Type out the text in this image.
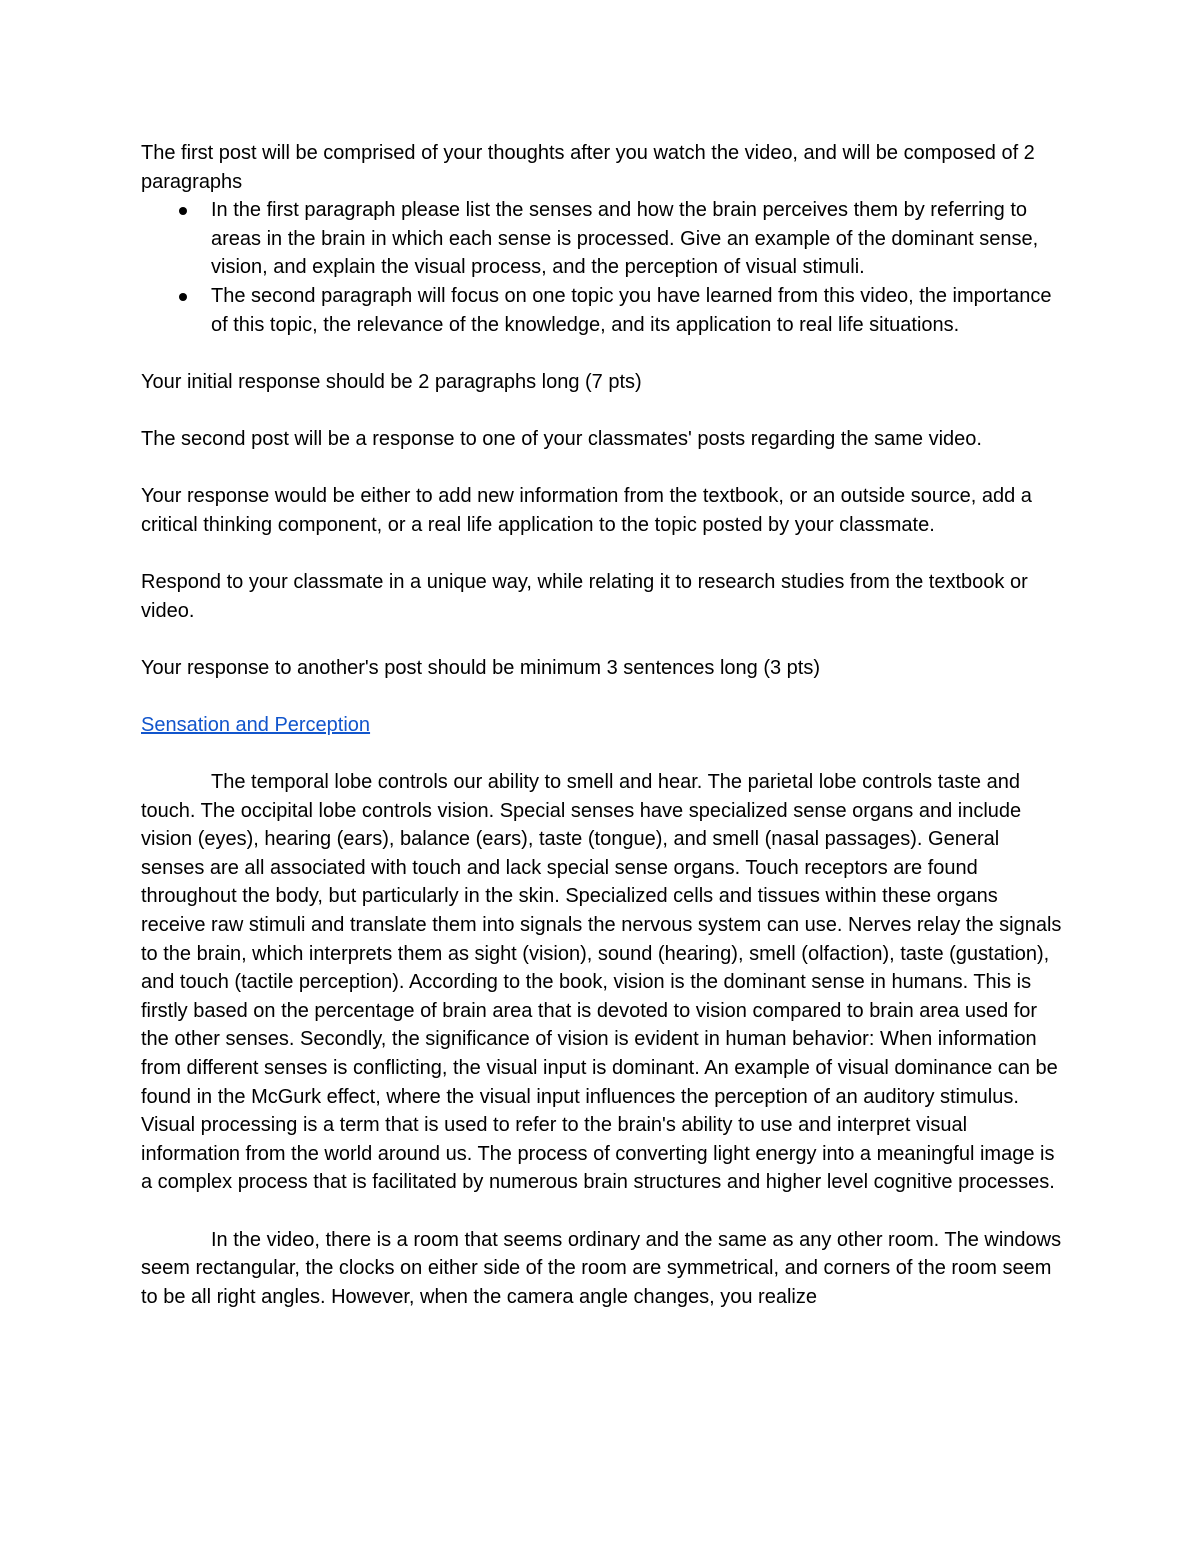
The first post will be comprised of your thoughts after you watch the video, and will be composed of 2 paragraphs

In the first paragraph please list the senses and how the brain perceives them by referring to areas in the brain in which each sense is processed. Give an example of the dominant sense, vision, and explain the visual process, and the perception of visual stimuli.
The second paragraph will focus on one topic you have learned from this video, the importance of this topic, the relevance of the knowledge, and its application to real life situations.

Your initial response should be 2 paragraphs long (7 pts)

The second post will be a response to one of your classmates' posts regarding the same video.

Your response would be either to add new information from the textbook, or an outside source, add a critical thinking component, or a real life application to the topic posted by your classmate.

Respond to your classmate in a unique way, while relating it to research studies from the textbook or video.

Your response to another's post should be minimum 3 sentences long (3 pts)

Sensation and Perception

The temporal lobe controls our ability to smell and hear. The parietal lobe controls taste and touch. The occipital lobe controls vision. Special senses have specialized sense organs and include vision (eyes), hearing (ears), balance (ears), taste (tongue), and smell (nasal passages). General senses are all associated with touch and lack special sense organs. Touch receptors are found throughout the body, but particularly in the skin. Specialized cells and tissues within these organs receive raw stimuli and translate them into signals the nervous system can use. Nerves relay the signals to the brain, which interprets them as sight (vision), sound (hearing), smell (olfaction), taste (gustation), and touch (tactile perception). According to the book, vision is the dominant sense in humans. This is firstly based on the percentage of brain area that is devoted to vision compared to brain area used for the other senses. Secondly, the significance of vision is evident in human behavior: When information from different senses is conflicting, the visual input is dominant. An example of visual dominance can be found in the McGurk effect, where the visual input influences the perception of an auditory stimulus. Visual processing is a term that is used to refer to the brain's ability to use and interpret visual information from the world around us. The process of converting light energy into a meaningful image is a complex process that is facilitated by numerous brain structures and higher level cognitive processes.

In the video, there is a room that seems ordinary and the same as any other room. The windows seem rectangular, the clocks on either side of the room are symmetrical, and corners of the room seem to be all right angles. However, when the camera angle changes, you realize
